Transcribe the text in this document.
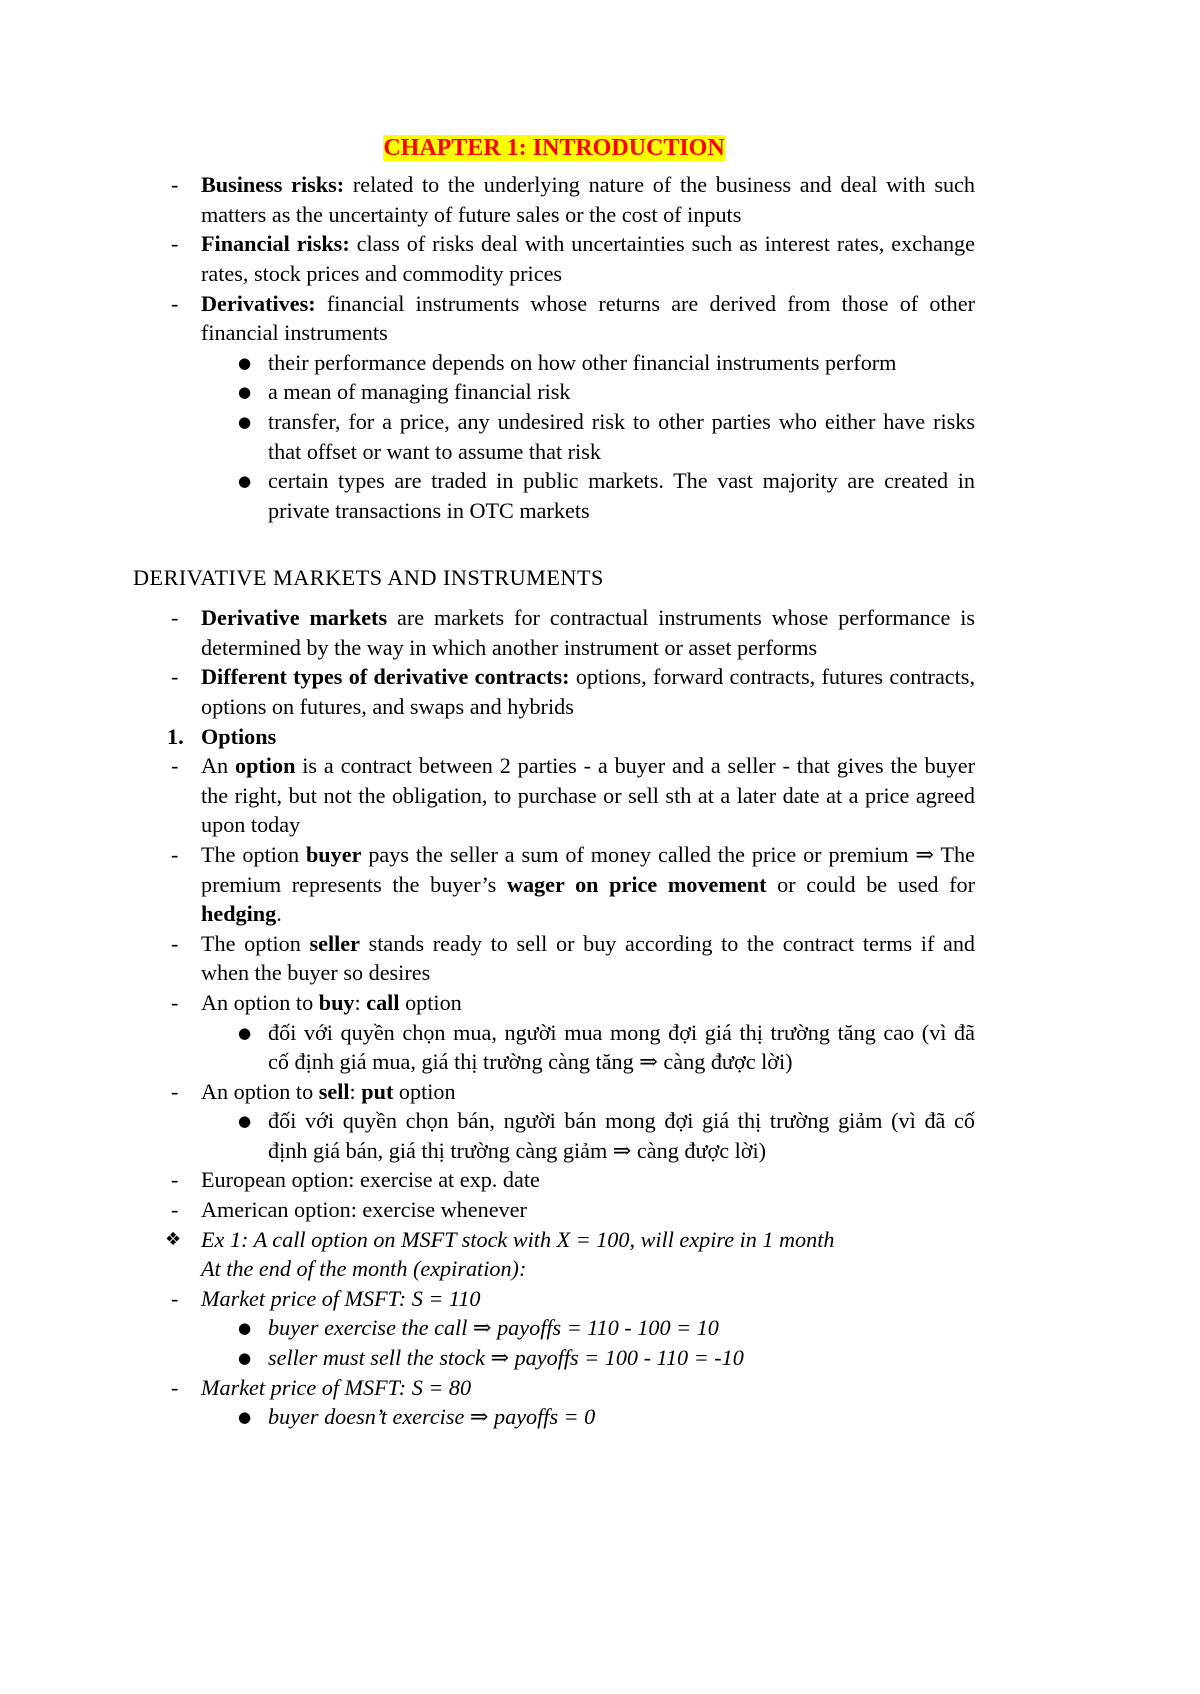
CHAPTER 1: INTRODUCTION
- Business risks: related to the underlying nature of the business and deal with such
matters as the uncertainty of future sales or the cost of inputs
- Financial risks: class of risks deal with uncertainties such as interest rates, exchange
rates, stock prices and commodity prices
- Derivatives: financial instruments whose returns are derived from those of other
financial instruments
● their performance depends on how other financial instruments perform
● a mean of managing financial risk
● transfer, for a price, any undesired risk to other parties who either have risks
that offset or want to assume that risk
● certain types are traded in public markets. The vast majority are created in
private transactions in OTC markets
DERIVATIVE MARKETS AND INSTRUMENTS
- Derivative markets are markets for contractual instruments whose performance is
determined by the way in which another instrument or asset performs
- Different types of derivative contracts: options, forward contracts, futures contracts,
options on futures, and swaps and hybrids
1. Options
- An option is a contract between 2 parties - a buyer and a seller - that gives the buyer
the right, but not the obligation, to purchase or sell sth at a later date at a price agreed
upon today
- The option buyer pays the seller a sum of money called the price or premium ⇒ The
premium represents the buyer’s wager on price movement or could be used for
hedging.
- The option seller stands ready to sell or buy according to the contract terms if and
when the buyer so desires
- An option to buy: call option
● đối với quyền chọn mua, người mua mong đợi giá thị trường tăng cao (vì đã
cố định giá mua, giá thị trường càng tăng ⇒ càng được lời)
- An option to sell: put option
● đối với quyền chọn bán, người bán mong đợi giá thị trường giảm (vì đã cố
định giá bán, giá thị trường càng giảm ⇒ càng được lời)
- European option: exercise at exp. date
- American option: exercise whenever
❖ Ex 1: A call option on MSFT stock with X = 100, will expire in 1 month
At the end of the month (expiration):
- Market price of MSFT: S = 110
● buyer exercise the call ⇒ payoffs = 110 - 100 = 10
● seller must sell the stock ⇒ payoffs = 100 - 110 = -10
- Market price of MSFT: S = 80
● buyer doesn’t exercise ⇒ payoffs = 0
